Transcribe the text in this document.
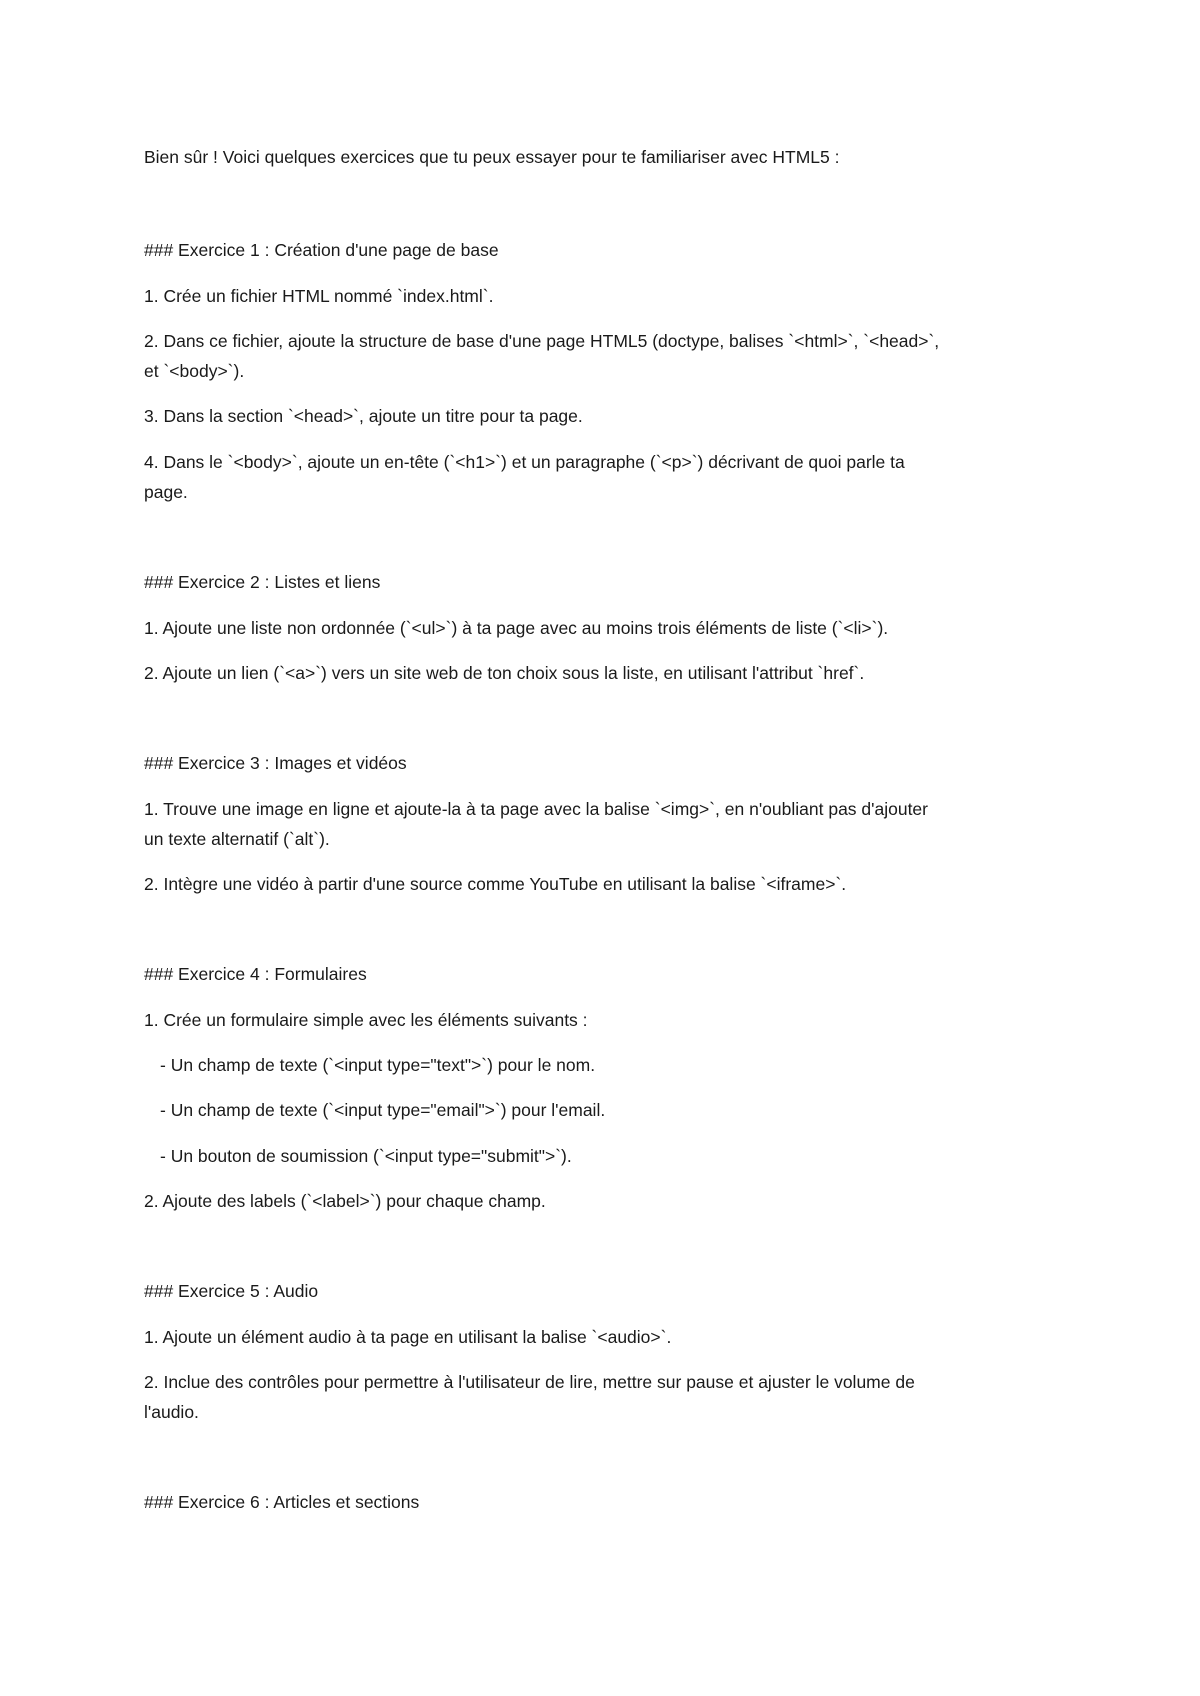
Bien sûr ! Voici quelques exercices que tu peux essayer pour te familiariser avec HTML5 :
### Exercice 1 : Création d'une page de base
1. Crée un fichier HTML nommé `index.html`.
2. Dans ce fichier, ajoute la structure de base d'une page HTML5 (doctype, balises `<html>`, `<head>`,
et `<body>`).
3. Dans la section `<head>`, ajoute un titre pour ta page.
4. Dans le `<body>`, ajoute un en-tête (`<h1>`) et un paragraphe (`<p>`) décrivant de quoi parle ta
page.
### Exercice 2 : Listes et liens
1. Ajoute une liste non ordonnée (`<ul>`) à ta page avec au moins trois éléments de liste (`<li>`).
2. Ajoute un lien (`<a>`) vers un site web de ton choix sous la liste, en utilisant l'attribut `href`.
### Exercice 3 : Images et vidéos
1. Trouve une image en ligne et ajoute-la à ta page avec la balise `<img>`, en n'oubliant pas d'ajouter
un texte alternatif (`alt`).
2. Intègre une vidéo à partir d'une source comme YouTube en utilisant la balise `<iframe>`.
### Exercice 4 : Formulaires
1. Crée un formulaire simple avec les éléments suivants :
- Un champ de texte (`<input type="text">`) pour le nom.
- Un champ de texte (`<input type="email">`) pour l'email.
- Un bouton de soumission (`<input type="submit">`).
2. Ajoute des labels (`<label>`) pour chaque champ.
### Exercice 5 : Audio
1. Ajoute un élément audio à ta page en utilisant la balise `<audio>`.
2. Inclue des contrôles pour permettre à l'utilisateur de lire, mettre sur pause et ajuster le volume de
l'audio.
### Exercice 6 : Articles et sections
